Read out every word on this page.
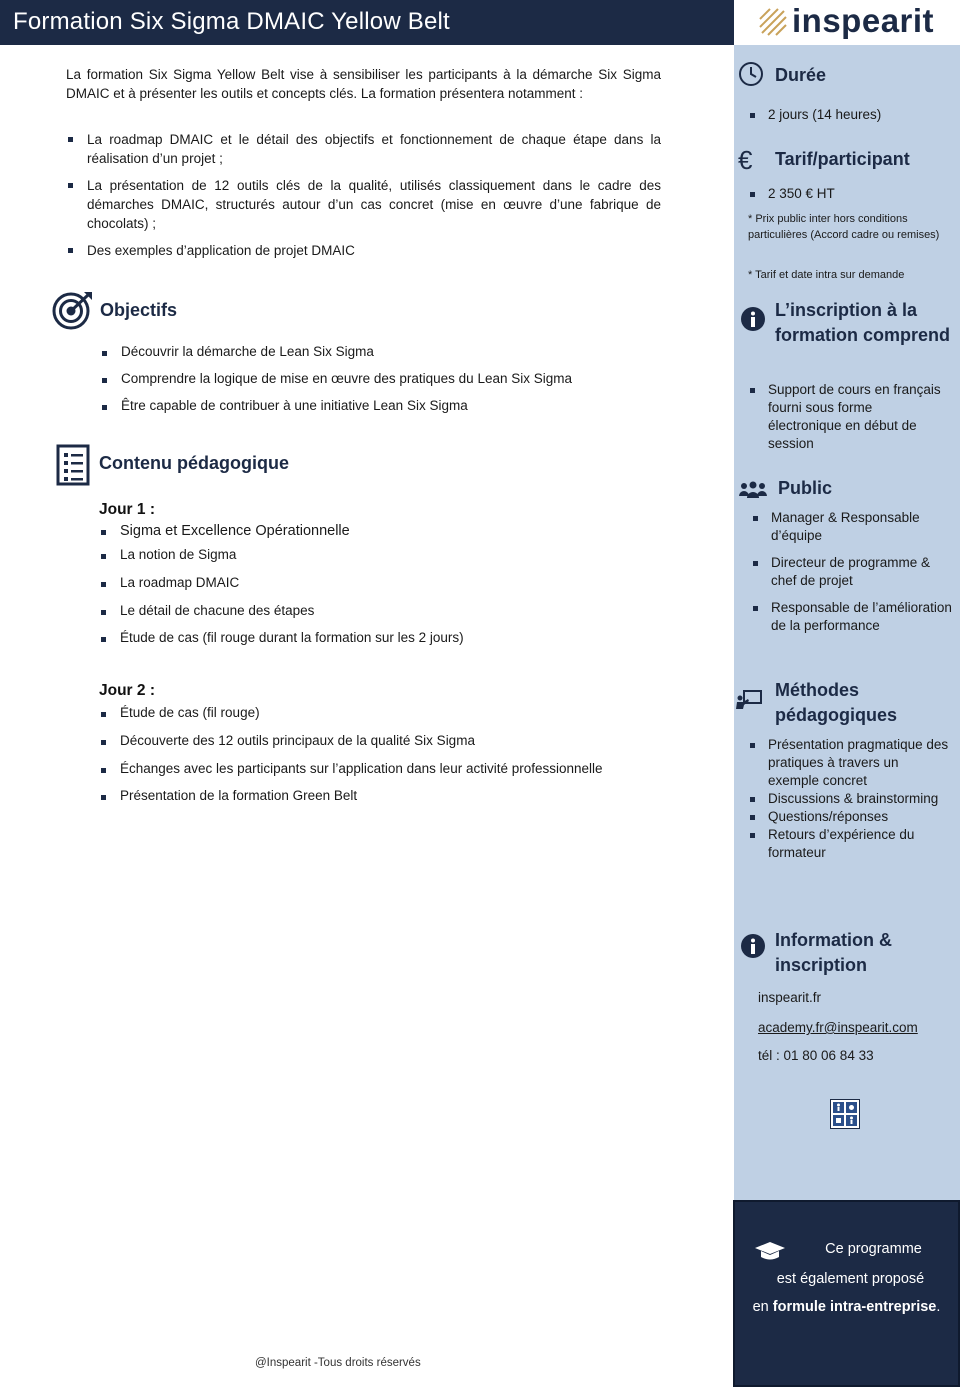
Formation Six Sigma DMAIC Yellow Belt	inspearit

La formation Six Sigma Yellow Belt vise à sensibiliser les participants à la démarche Six Sigma DMAIC et à présenter les outils et concepts clés. La formation présentera notamment :

La roadmap DMAIC et le détail des objectifs et fonctionnement de chaque étape dans la réalisation d’un projet ;
La présentation de 12 outils clés de la qualité, utilisés classiquement dans le cadre des démarches DMAIC, structurés autour d’un cas concret (mise en œuvre d’une fabrique de chocolats) ;
Des exemples d’application de projet DMAIC
Objectifs
Découvrir la démarche de Lean Six Sigma
Comprendre la logique de mise en œuvre des pratiques du Lean Six Sigma
Être capable de contribuer à une initiative Lean Six Sigma
Contenu pédagogique
Jour 1 :
Sigma et Excellence Opérationnelle
La notion de Sigma
La roadmap DMAIC
Le détail de chacune des étapes
Étude de cas (fil rouge durant la formation sur les 2 jours)
Jour 2 :
Étude de cas (fil rouge)
Découverte des 12 outils principaux de la qualité Six Sigma
Échanges avec les participants sur l’application dans leur activité professionnelle
Présentation de la formation Green Belt
Durée
2 jours (14 heures)
€ Tarif/participant
2 350 € HT
* Prix public inter hors conditions particulières (Accord cadre ou remises)
* Tarif et date intra sur demande
L’inscription à la formation comprend
Support de cours en français fourni sous forme électronique en début de session
Public
Manager & Responsable d’équipe
Directeur de programme & chef de projet
Responsable de l’amélioration de la performance
Méthodes pédagogiques
Présentation pragmatique des pratiques à travers un exemple concret
Discussions & brainstorming
Questions/réponses
Retours d’expérience du formateur
Information & inscription
inspearit.fr
academy.fr@inspearit.com
tél : 01 80 06 84 33
Ce programme
est également proposé
en formule intra-entreprise.
@Inspearit -Tous droits réservés
